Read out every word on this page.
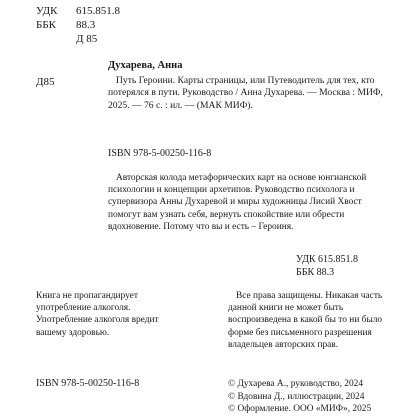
УДК 615.851.8
ББК 88.3
Д 85
Д85
Духарева, Анна
Путь Героини. Карты страницы, или Путеводитель для тех, кто потерялся в пути. Руководство / Анна Духарева. — Москва : МИФ, 2025. — 76 с. : ил. — (МАК МИФ).
ISBN 978-5-00250-116-8
Авторская колода метафорических карт на основе юнгианской психологии и концепции архетипов. Руководство психолога и супервизора Анны Духаревой и миры художницы Лисий Хвост помогут вам узнать себя, вернуть спокойствие или обрести вдохновение. Потому что вы и есть – Героиня.
УДК 615.851.8
ББК 88.3
Книга не пропагандирует употребление алкоголя. Употребление алкоголя вредит вашему здоровью.
Все права защищены. Никакая часть данной книги не может быть воспроизведена в какой бы то ни было форме без письменного разрешения владельцев авторских прав.
ISBN 978-5-00250-116-8	© Духарева А., руководство, 2024
© Вдовина Д., иллюстрации, 2024
© Оформление. ООО «МИФ», 2025
